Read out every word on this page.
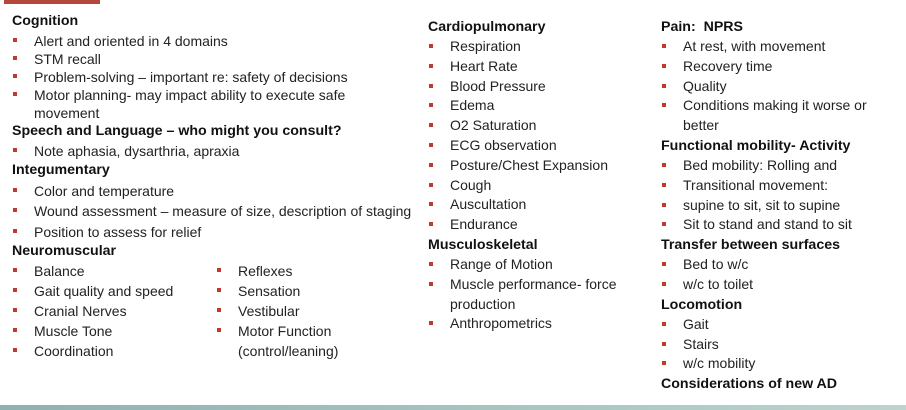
Cognition

Alert and oriented in 4 domains
STM recall
Problem-solving – important re: safety of decisions
Motor planning- may impact ability to execute safe movement

Speech and Language – who might you consult?

Note aphasia, dysarthria, apraxia

Integumentary

Color and temperature
Wound assessment – measure of size, description of staging
Position to assess for relief

Neuromuscular

Balance
Gait quality and speed
Cranial Nerves
Muscle Tone
Coordination
Reflexes
Sensation
Vestibular
Motor Function (control/leaning)

Cardiopulmonary

Respiration
Heart Rate
Blood Pressure
Edema
O2 Saturation
ECG observation
Posture/Chest Expansion
Cough
Auscultation
Endurance

Musculoskeletal

Range of Motion
Muscle performance- force production
Anthropometrics

Pain:  NPRS

At rest, with movement
Recovery time
Quality
Conditions making it worse or better

Functional mobility- Activity

Bed mobility: Rolling and
Transitional movement:
supine to sit, sit to supine
Sit to stand and stand to sit

Transfer between surfaces

Bed to w/c
w/c to toilet

Locomotion

Gait
Stairs
w/c mobility

Considerations of new AD
